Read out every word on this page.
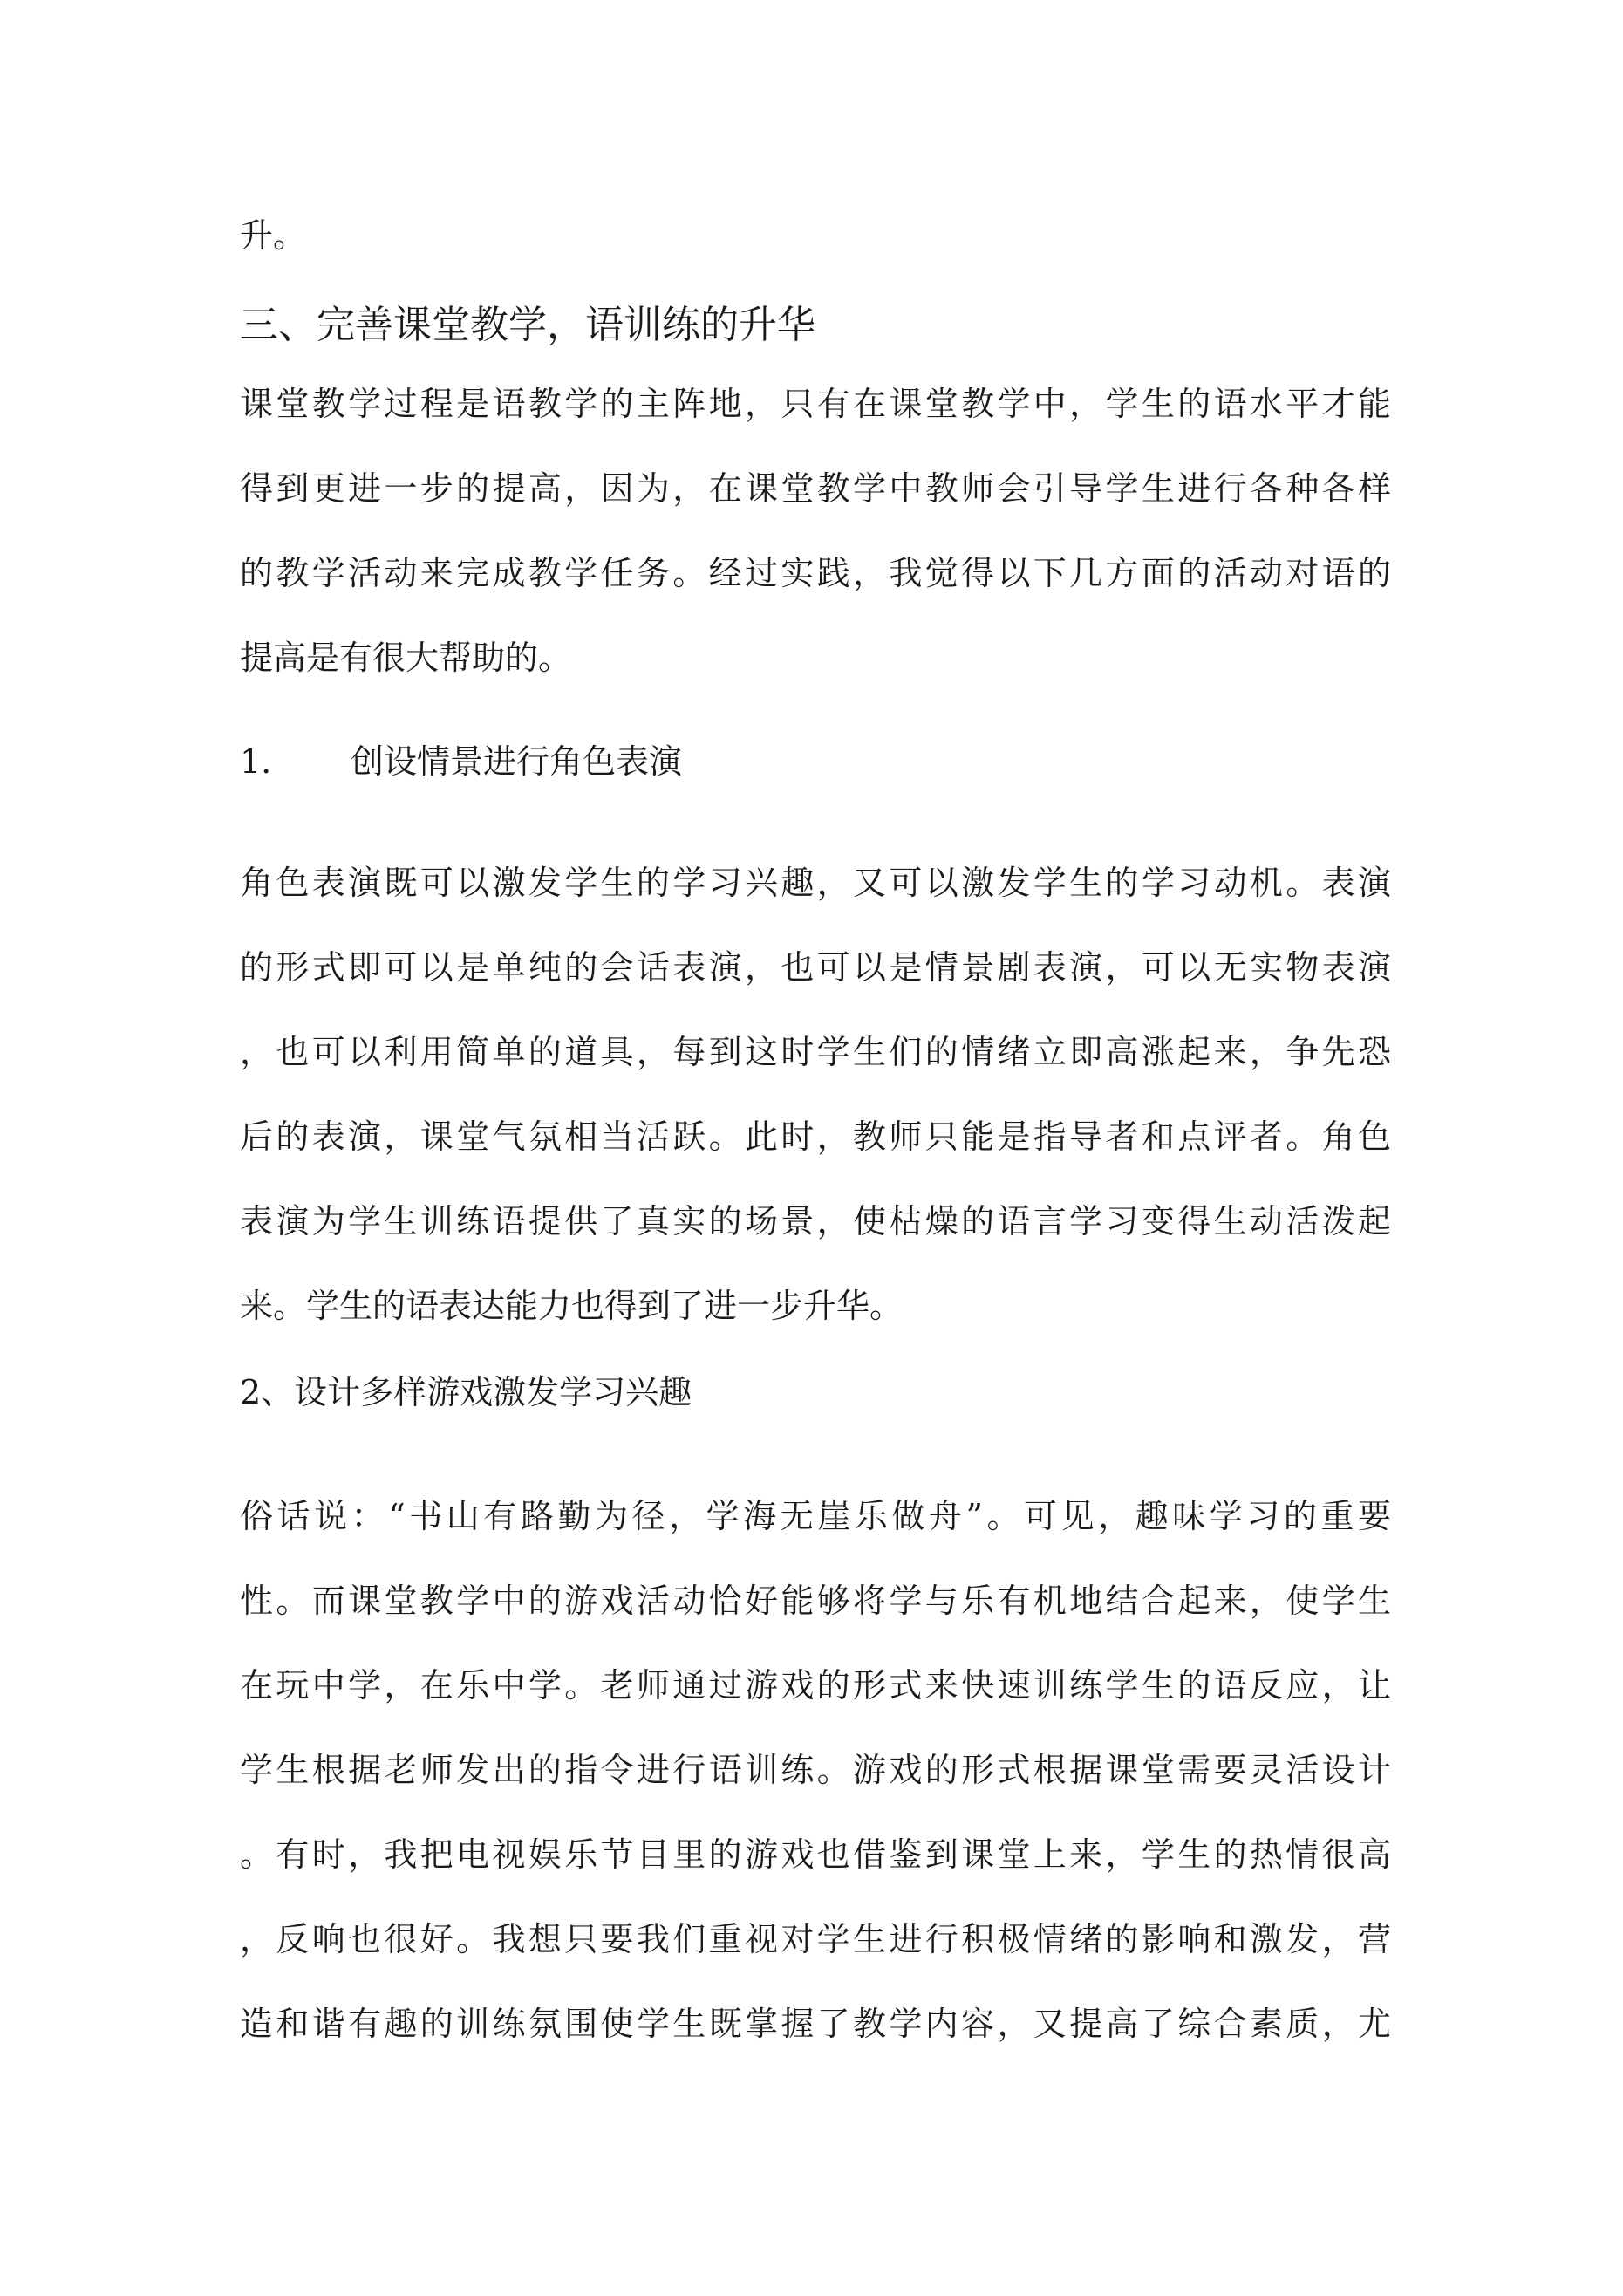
升。
三、完善课堂教学，语训练的升华
课堂教学过程是语教学的主阵地，只有在课堂教学中，学生的语水平才能
得到更进一步的提高，因为，在课堂教学中教师会引导学生进行各种各样
的教学活动来完成教学任务。经过实践，我觉得以下几方面的活动对语的
提高是有很大帮助的。
1. 创设情景进行角色表演
角色表演既可以激发学生的学习兴趣，又可以激发学生的学习动机。表演
的形式即可以是单纯的会话表演，也可以是情景剧表演，可以无实物表演
，也可以利用简单的道具，每到这时学生们的情绪立即高涨起来，争先恐
后的表演，课堂气氛相当活跃。此时，教师只能是指导者和点评者。角色
表演为学生训练语提供了真实的场景，使枯燥的语言学习变得生动活泼起
来。学生的语表达能力也得到了进一步升华。
2、设计多样游戏激发学习兴趣
俗话说：“书山有路勤为径，学海无崖乐做舟”。可见，趣味学习的重要
性。而课堂教学中的游戏活动恰好能够将学与乐有机地结合起来，使学生
在玩中学，在乐中学。老师通过游戏的形式来快速训练学生的语反应，让
学生根据老师发出的指令进行语训练。游戏的形式根据课堂需要灵活设计
。有时，我把电视娱乐节目里的游戏也借鉴到课堂上来，学生的热情很高
，反响也很好。我想只要我们重视对学生进行积极情绪的影响和激发，营
造和谐有趣的训练氛围使学生既掌握了教学内容，又提高了综合素质，尤
